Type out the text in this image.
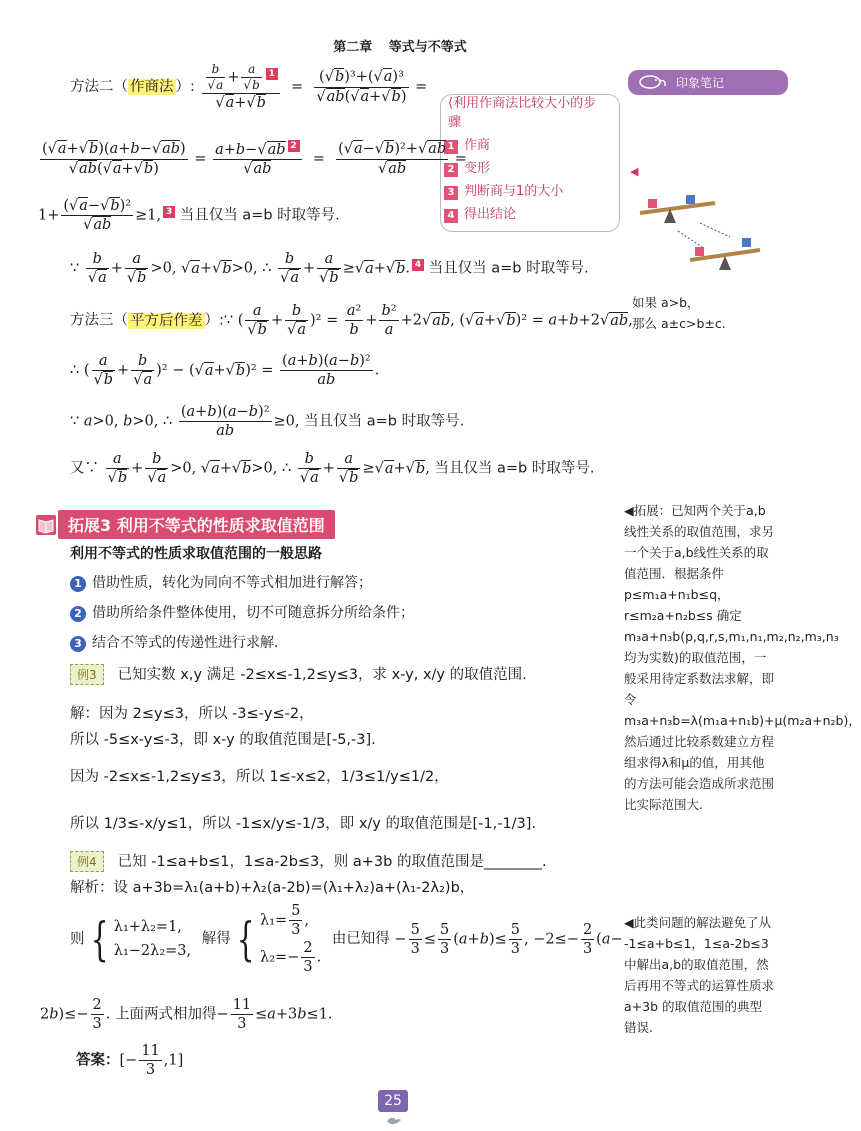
第二章 等式与不等式
印象笔记
◀
如果 a>b，
那么 a±c>b±c.
◀拓展：已知两个关于a,b线性关系的取值范围，求另一个关于a,b线性关系的取值范围．根据条件 p≤m₁a+n₁b≤q，r≤m₂a+n₂b≤s 确定m₃a+n₃b(p,q,r,s,m₁,n₁,m₂,n₂,m₃,n₃均为实数)的取值范围，一般采用待定系数法求解，即令 m₃a+n₃b=λ(m₁a+n₁b)+μ(m₂a+n₂b)，然后通过比较系数建立方程组求得λ和μ的值，用其他的方法可能会造成所求范围比实际范围大.
◀此类问题的解法避免了从 -1≤a+b≤1，1≤a-2b≤3 中解出a,b的取值范围，然后再用不等式的运算性质求 a+3b 的取值范围的典型错误.
方法二（ 作商法 ）: $\frac{\frac{b}{√a} + \frac{a}{√b} 1}{√a+√b} = \frac{\text{(√b)³+(√a)³}}{√ab(√a+√b)}$ =
⟨利用作商法比较大小的步骤
1 作商
2 变形
3 判断商与1的大小
4 得出结论
$\frac{(√a+√b)(a+b-√ab)}{√ab(√a+√b)} = \frac{a+b-√ab 2}{√ab} = \frac{\text{(√a−√b)²+√ab}}{√ab}$ =
$1+ \frac{\text{(√a−√b)²}}{√ab} \ge 1$, 3 当且仅当 a=b 时取等号.
∵ $\frac{b}{√a} + \frac{a}{√b} >0$, √a+√b>0, ∴ $\frac{b}{√a} + \frac{a}{√b} \ge√a+√b$. 4 当且仅当 a=b 时取等号.
方法三（ 平方后作差 ）:∵ ( $\frac{a}{√b} + \frac{b}{√a} )^2 = \frac{\text{a²}}{b} + \frac{\text{b²}}{a} +2√ab$, (√a+√b)² = a+b+2√ab,
∴ ( $\frac{a}{√b} + \frac{b}{√a} )^2 - (√a+√b)^2 = \frac{\text{(a+b)(a−b)²}}{ab}$ .
∵ a>0, b>0, ∴ $\frac{\text{(a+b)(a−b)²}}{ab} \ge 0$, 当且仅当 a=b 时取等号.
又∵ $\frac{a}{√b} + \frac{b}{√a} >0$, √a+√b>0, ∴ $\frac{b}{√a} + \frac{a}{√b} \ge√a+√b$, 当且仅当 a=b 时取等号.
拓展3 利用不等式的性质求取值范围
利用不等式的性质求取值范围的一般思路
1 借助性质，转化为同向不等式相加进行解答；
2 借助所给条件整体使用，切不可随意拆分所给条件；
3 结合不等式的传递性进行求解.
例3 已知实数 x,y 满足 -2≤x≤-1,2≤y≤3，求 x-y, x/y 的取值范围.
解：因为 2≤y≤3，所以 -3≤-y≤-2，
所以 -5≤x-y≤-3，即 x-y 的取值范围是[-5,-3].
因为 -2≤x≤-1,2≤y≤3，所以 1≤-x≤2，1/3≤1/y≤1/2，
所以 1/3≤-x/y≤1，所以 -1≤x/y≤-1/3，即 x/y 的取值范围是[-1,-1/3].
例4 已知 -1≤a+b≤1，1≤a-2b≤3，则 a+3b 的取值范围是________.
解析：设 a+3b=λ₁(a+b)+λ₂(a-2b)=(λ₁+λ₂)a+(λ₁-2λ₂)b，
则 { λ₁+λ₂=1,
λ₁−2λ₂=3, 解得 { $\lambda_1= \frac{5}{3}$ ,
$\lambda_2=- \frac{2}{3}$ . 由已知得 − $\frac{5}{3} \le \frac{5}{3} (a+b)\le \frac{5}{3}$ , $-2\le- \frac{2}{3} (a-$
$2b)\le- \frac{2}{3}$ . 上面两式相加得− $\frac{11}{3} \le a+3b\le 1$.
答案：[− $\frac{11}{3} ,1$]
25
